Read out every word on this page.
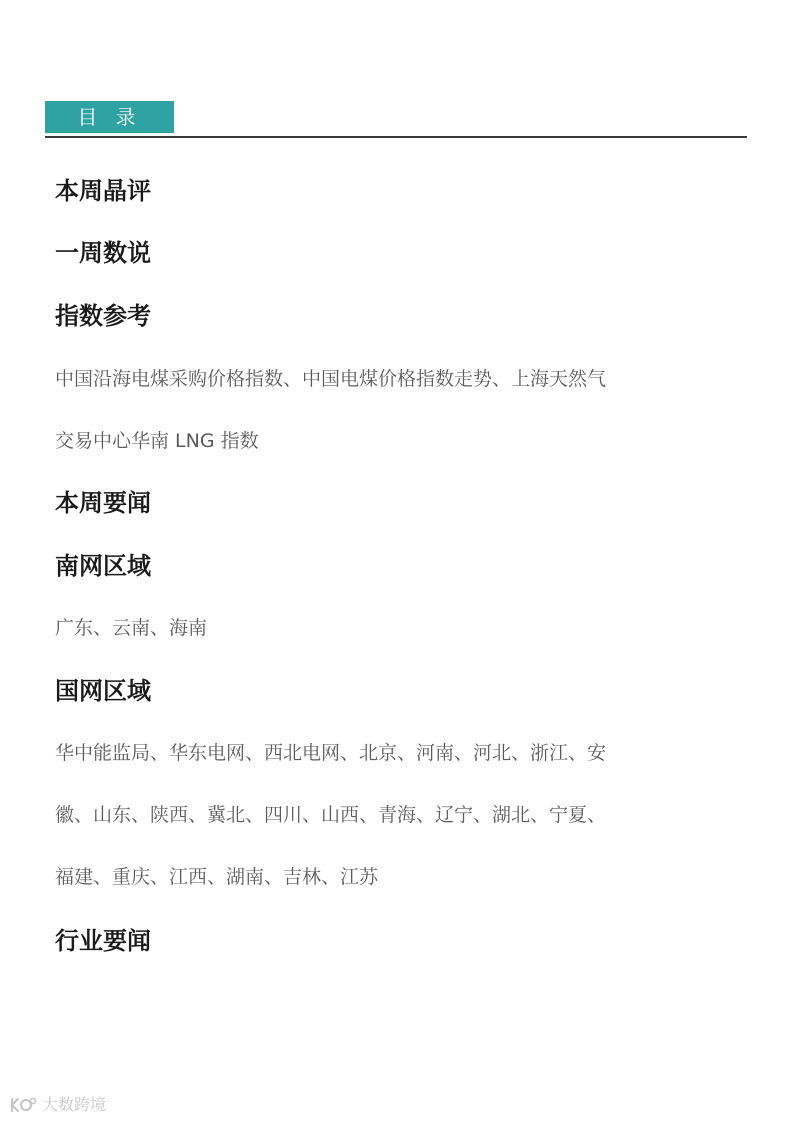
目 录
本周晶评
一周数说
指数参考
中国沿海电煤采购价格指数、中国电煤价格指数走势、上海天然气
交易中心华南 LNG 指数
本周要闻
南网区域
广东、云南、海南
国网区域
华中能监局、华东电网、西北电网、北京、河南、河北、浙江、安
徽、山东、陕西、冀北、四川、山西、青海、辽宁、湖北、宁夏、
福建、重庆、江西、湖南、吉林、江苏
行业要闻
大数跨境
